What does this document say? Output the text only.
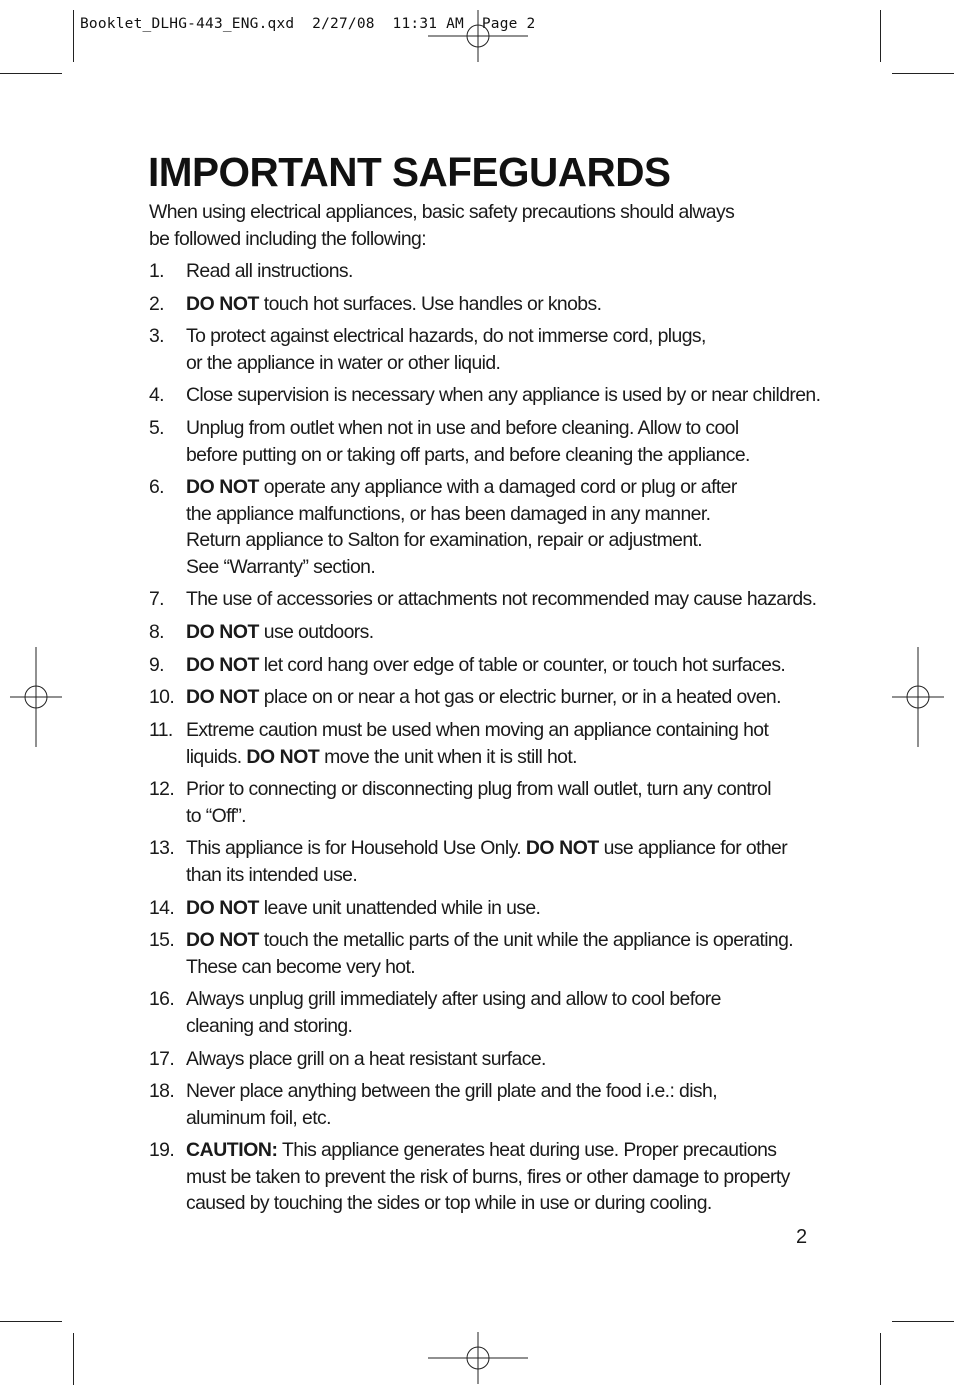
Booklet_DLHG-443_ENG.qxd  2/27/08  11:31 AM  Page 2
IMPORTANT SAFEGUARDS

When using electrical appliances, basic safety precautions should always
be followed including the following:

1. Read all instructions.
2. DO NOT touch hot surfaces. Use handles or knobs.
3. To protect against electrical hazards, do not immerse cord, plugs,
or the appliance in water or other liquid.
4. Close supervision is necessary when any appliance is used by or near children.
5. Unplug from outlet when not in use and before cleaning. Allow to cool
before putting on or taking off parts, and before cleaning the appliance.
6. DO NOT operate any appliance with a damaged cord or plug or after
the appliance malfunctions, or has been damaged in any manner.
Return appliance to Salton for examination, repair or adjustment.
See “Warranty” section.
7. The use of accessories or attachments not recommended may cause hazards.
8. DO NOT use outdoors.
9. DO NOT let cord hang over edge of table or counter, or touch hot surfaces.
10. DO NOT place on or near a hot gas or electric burner, or in a heated oven.
11. Extreme caution must be used when moving an appliance containing hot
liquids. DO NOT move the unit when it is still hot.
12. Prior to connecting or disconnecting plug from wall outlet, turn any control
to “Off”.
13. This appliance is for Household Use Only. DO NOT use appliance for other
than its intended use.
14. DO NOT leave unit unattended while in use.
15. DO NOT touch the metallic parts of the unit while the appliance is operating.
These can become very hot.
16. Always unplug grill immediately after using and allow to cool before
cleaning and storing.
17. Always place grill on a heat resistant surface.
18. Never place anything between the grill plate and the food i.e.: dish,
aluminum foil, etc.
19. CAUTION: This appliance generates heat during use. Proper precautions
must be taken to prevent the risk of burns, fires or other damage to property
caused by touching the sides or top while in use or during cooling.
2
